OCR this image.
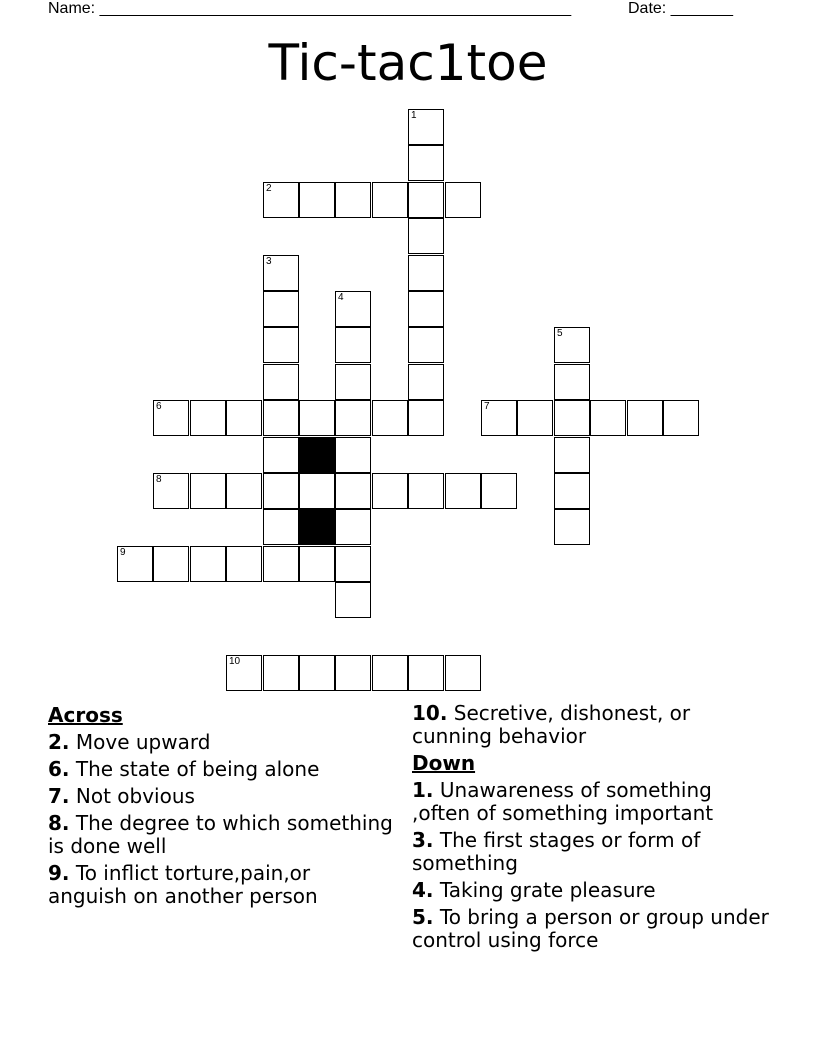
Name: _____________________________________________________	Date: _______
Tic-tac1toe
2
6	7
8
9
10
1
3
4
5
Across
2. Move upward
6. The state of being alone
7. Not obvious
8. The degree to which something is done well
9. To inflict torture,pain,or anguish on another person
10. Secretive, dishonest, or cunning behavior
Down
1. Unawareness of something ,often of something important
3. The first stages or form of something
4. Taking grate pleasure
5. To bring a person or group under control using force
